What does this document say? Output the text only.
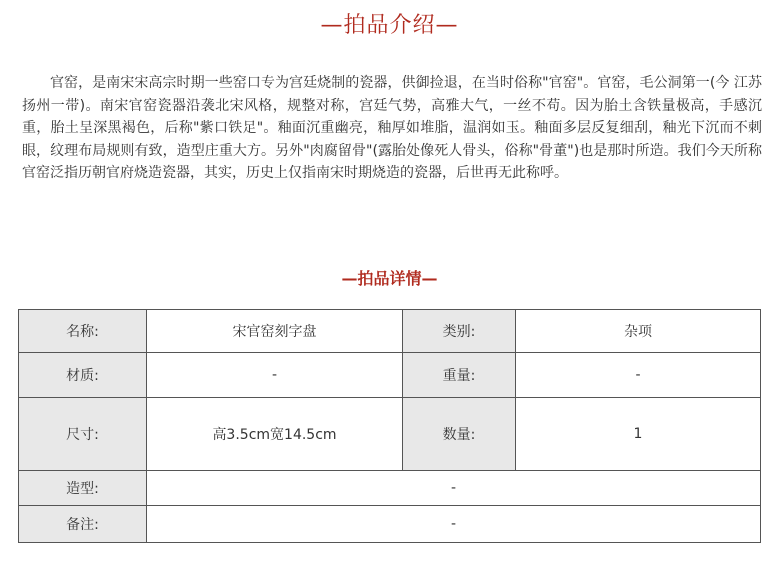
—拍品介绍—

官窑，是南宋宋高宗时期一些窑口专为宫廷烧制的瓷器，供御捡退，在当时俗称"官窑"。官窑，毛公洞第一(今 江苏扬州一带)。南宋官窑瓷器沿袭北宋风格，规整对称，宫廷气势，高雅大气，一丝不苟。因为胎土含铁量极高，手感沉重，胎土呈深黑褐色，后称"紫口铁足"。釉面沉重幽亮，釉厚如堆脂，温润如玉。釉面多层反复细刮，釉光下沉而不刺眼，纹理布局规则有致，造型庄重大方。另外"肉腐留骨"(露胎处像死人骨头，俗称"骨董")也是那时所造。我们今天所称官窑泛指历朝官府烧造瓷器，其实，历史上仅指南宋时期烧造的瓷器，后世再无此称呼。

—拍品详情—
名称:	宋官窑刻字盘	类别:	杂项
材质:	-	重量:	-
尺寸:	高3.5cm宽14.5cm	数量:	1
造型:	-		
备注:	-		
